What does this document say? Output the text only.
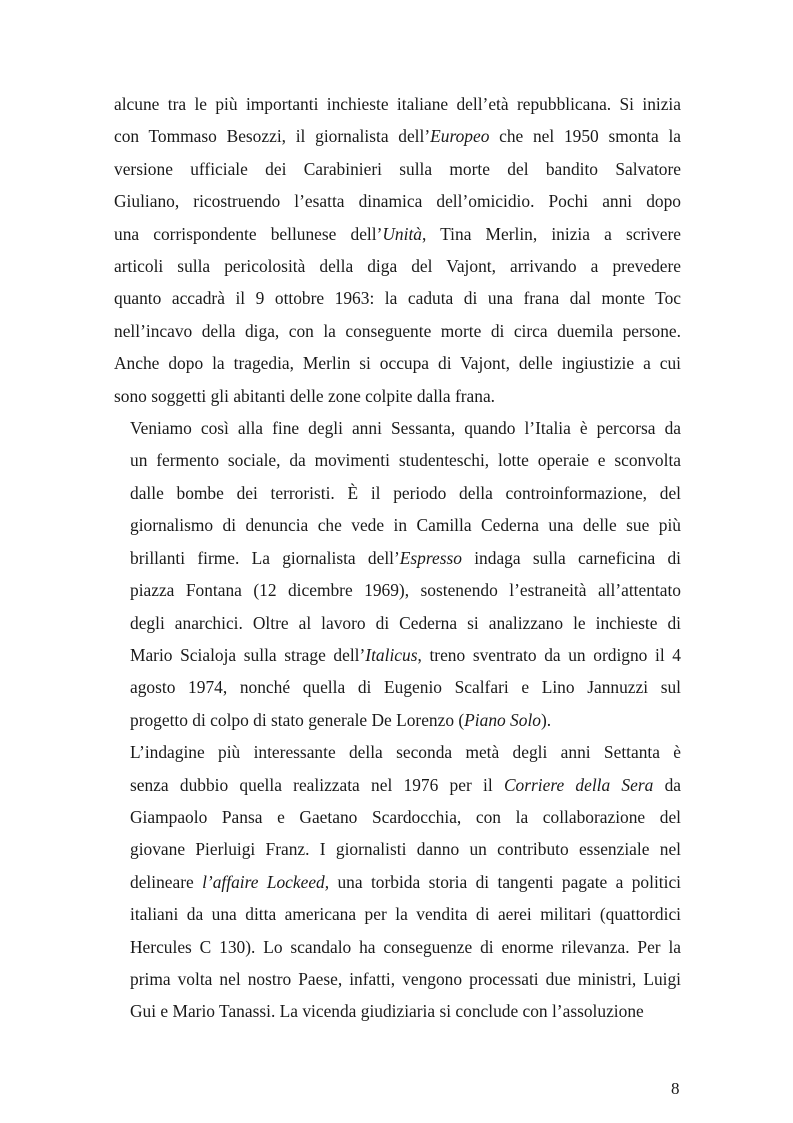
alcune tra le più importanti inchieste italiane dell’età repubblicana. Si inizia
con Tommaso Besozzi, il giornalista dell’Europeo che nel 1950 smonta la
versione ufficiale dei Carabinieri sulla morte del bandito Salvatore
Giuliano, ricostruendo l’esatta dinamica dell’omicidio. Pochi anni dopo
una corrispondente bellunese dell’Unità, Tina Merlin, inizia a scrivere
articoli sulla pericolosità della diga del Vajont, arrivando a prevedere
quanto accadrà il 9 ottobre 1963: la caduta di una frana dal monte Toc
nell’incavo della diga, con la conseguente morte di circa duemila persone.
Anche dopo la tragedia, Merlin si occupa di Vajont, delle ingiustizie a cui
sono soggetti gli abitanti delle zone colpite dalla frana.
Veniamo così alla fine degli anni Sessanta, quando l’Italia è percorsa da
un fermento sociale, da movimenti studenteschi, lotte operaie e sconvolta
dalle bombe dei terroristi. È il periodo della controinformazione, del
giornalismo di denuncia che vede in Camilla Cederna una delle sue più
brillanti firme. La giornalista dell’Espresso indaga sulla carneficina di
piazza Fontana (12 dicembre 1969), sostenendo l’estraneità all’attentato
degli anarchici. Oltre al lavoro di Cederna si analizzano le inchieste di
Mario Scialoja sulla strage dell’Italicus, treno sventrato da un ordigno il 4
agosto 1974, nonché quella di Eugenio Scalfari e Lino Jannuzzi sul
progetto di colpo di stato generale De Lorenzo (Piano Solo).
L’indagine più interessante della seconda metà degli anni Settanta è
senza dubbio quella realizzata nel 1976 per il Corriere della Sera da
Giampaolo Pansa e Gaetano Scardocchia, con la collaborazione del
giovane Pierluigi Franz. I giornalisti danno un contributo essenziale nel
delineare l’affaire Lockeed, una torbida storia di tangenti pagate a politici
italiani da una ditta americana per la vendita di aerei militari (quattordici
Hercules C 130). Lo scandalo ha conseguenze di enorme rilevanza. Per la
prima volta nel nostro Paese, infatti, vengono processati due ministri, Luigi
Gui e Mario Tanassi. La vicenda giudiziaria si conclude con l’assoluzione
8
